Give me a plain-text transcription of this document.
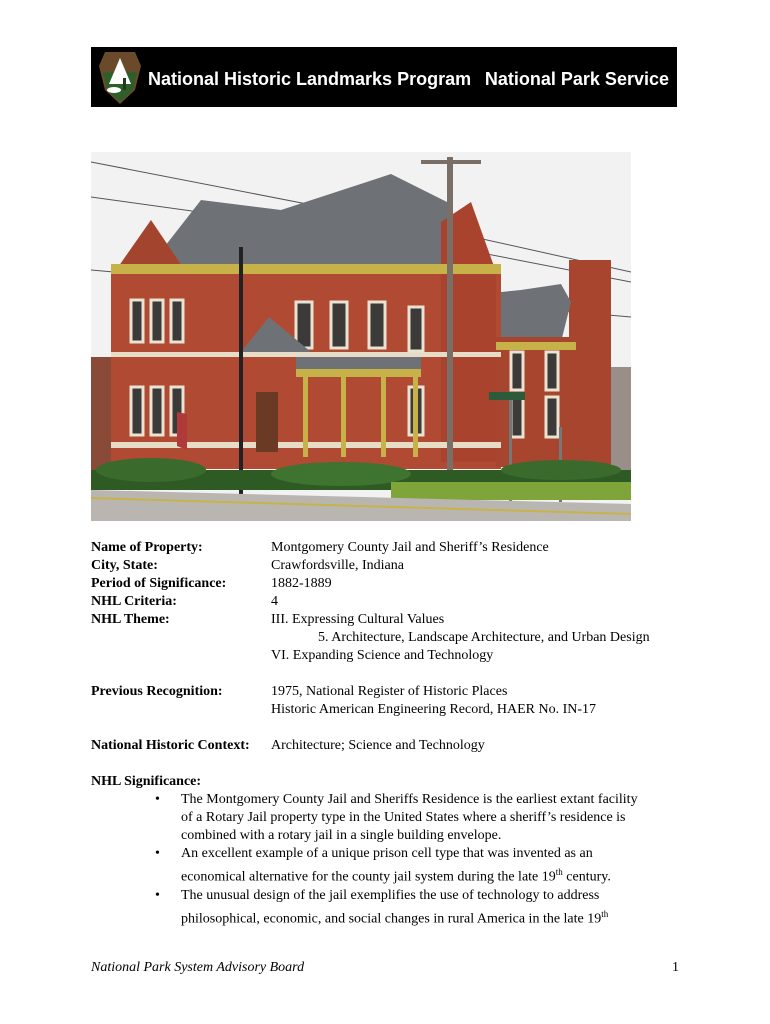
National Historic Landmarks Program National Park Service
Name of Property:	Montgomery County Jail and Sheriff’s Residence
City, State:	Crawfordsville, Indiana
Period of Significance:	1882-1889
NHL Criteria:	4
NHL Theme:	III. Expressing Cultural Values
5. Architecture, Landscape Architecture, and Urban Design
VI. Expanding Science and Technology
Previous Recognition:	1975, National Register of Historic Places
Historic American Engineering Record, HAER No. IN-17
National Historic Context: Architecture; Science and Technology
NHL Significance:
• The Montgomery County Jail and Sheriffs Residence is the earliest extant facility
of a Rotary Jail property type in the United States where a sheriff’s residence is
combined with a rotary jail in a single building envelope.
• An excellent example of a unique prison cell type that was invented as an
economical alternative for the county jail system during the late 19th century.
• The unusual design of the jail exemplifies the use of technology to address
philosophical, economic, and social changes in rural America in the late 19th
National Park System Advisory Board	1
